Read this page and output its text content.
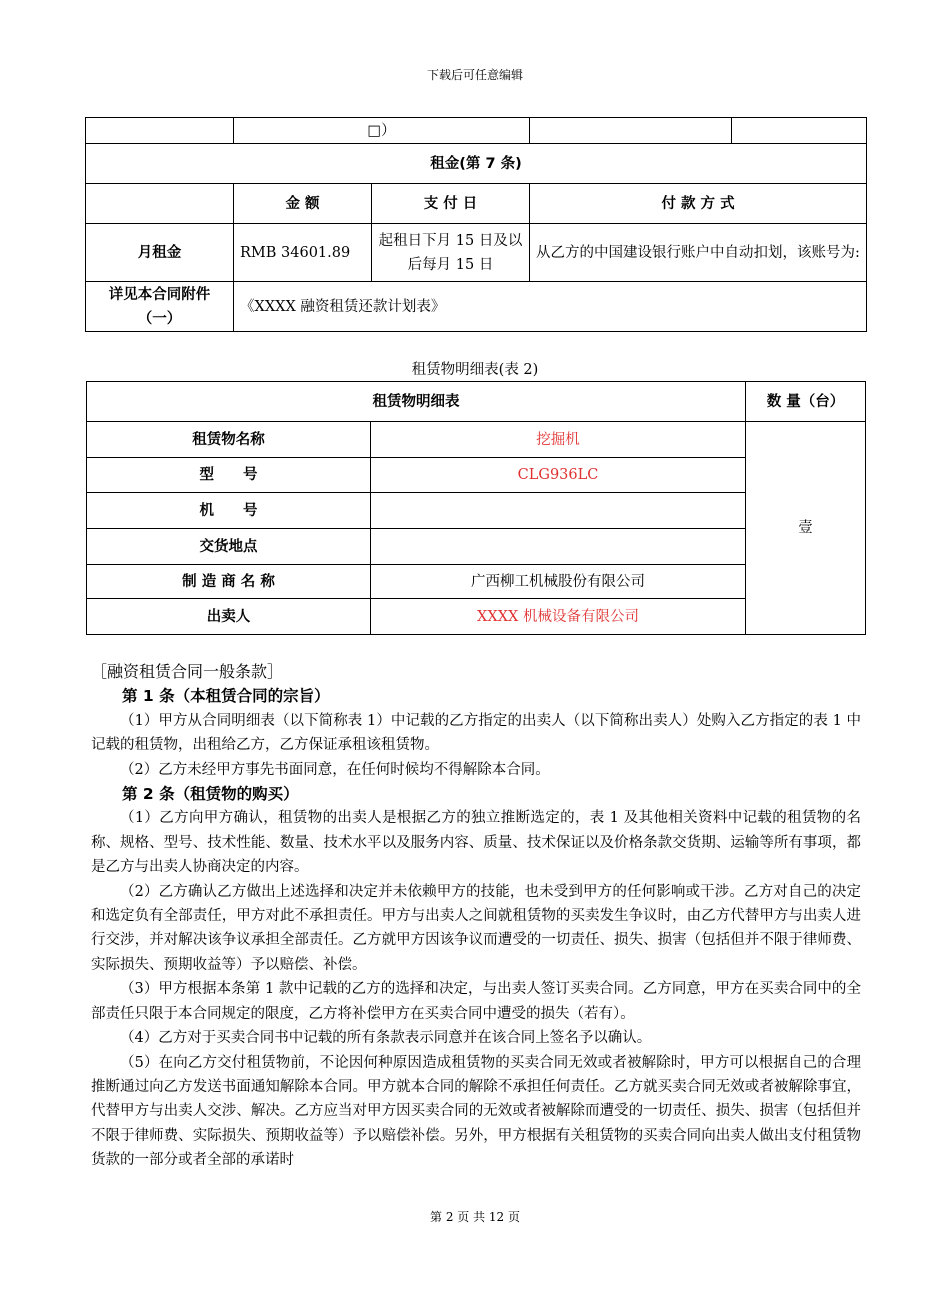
下载后可任意编辑
	□）			
租金(第 7 条)				
	金 额	支 付 日	付 款 方 式	
月租金	RMB 34601.89	起租日下月 15 日及以后每月 15 日	从乙方的中国建设银行账户中自动扣划，该账号为:	
详见本合同附件（一）	《XXXX 融资租赁还款计划表》			
租赁物明细表(表 2)
租赁物明细表		数 量（台）
租赁物名称	挖掘机	壹
型　　号	CLG936LC	
机　　号		
交货地点		
制 造 商 名 称	广西柳工机械股份有限公司	
出卖人	XXXX 机械设备有限公司	

［融资租赁合同一般条款］

第 1 条（本租赁合同的宗旨）

（1）甲方从合同明细表（以下简称表 1）中记载的乙方指定的出卖人（以下简称出卖人）处购入乙方指定的表 1 中记载的租赁物，出租给乙方，乙方保证承租该租赁物。

（2）乙方未经甲方事先书面同意，在任何时候均不得解除本合同。

第 2 条（租赁物的购买）

（1）乙方向甲方确认，租赁物的出卖人是根据乙方的独立推断选定的，表 1 及其他相关资料中记载的租赁物的名称、规格、型号、技术性能、数量、技术水平以及服务内容、质量、技术保证以及价格条款交货期、运输等所有事项，都是乙方与出卖人协商决定的内容。

（2）乙方确认乙方做出上述选择和决定并未依赖甲方的技能，也未受到甲方的任何影响或干涉。乙方对自己的决定和选定负有全部责任，甲方对此不承担责任。甲方与出卖人之间就租赁物的买卖发生争议时，由乙方代替甲方与出卖人进行交涉，并对解决该争议承担全部责任。乙方就甲方因该争议而遭受的一切责任、损失、损害（包括但并不限于律师费、实际损失、预期收益等）予以赔偿、补偿。

（3）甲方根据本条第 1 款中记载的乙方的选择和决定，与出卖人签订买卖合同。乙方同意，甲方在买卖合同中的全部责任只限于本合同规定的限度，乙方将补偿甲方在买卖合同中遭受的损失（若有）。

（4）乙方对于买卖合同书中记载的所有条款表示同意并在该合同上签名予以确认。

（5）在向乙方交付租赁物前，不论因何种原因造成租赁物的买卖合同无效或者被解除时，甲方可以根据自己的合理推断通过向乙方发送书面通知解除本合同。甲方就本合同的解除不承担任何责任。乙方就买卖合同无效或者被解除事宜，代替甲方与出卖人交涉、解决。乙方应当对甲方因买卖合同的无效或者被解除而遭受的一切责任、损失、损害（包括但并不限于律师费、实际损失、预期收益等）予以赔偿补偿。另外，甲方根据有关租赁物的买卖合同向出卖人做出支付租赁物货款的一部分或者全部的承诺时

第 2 页 共 12 页
